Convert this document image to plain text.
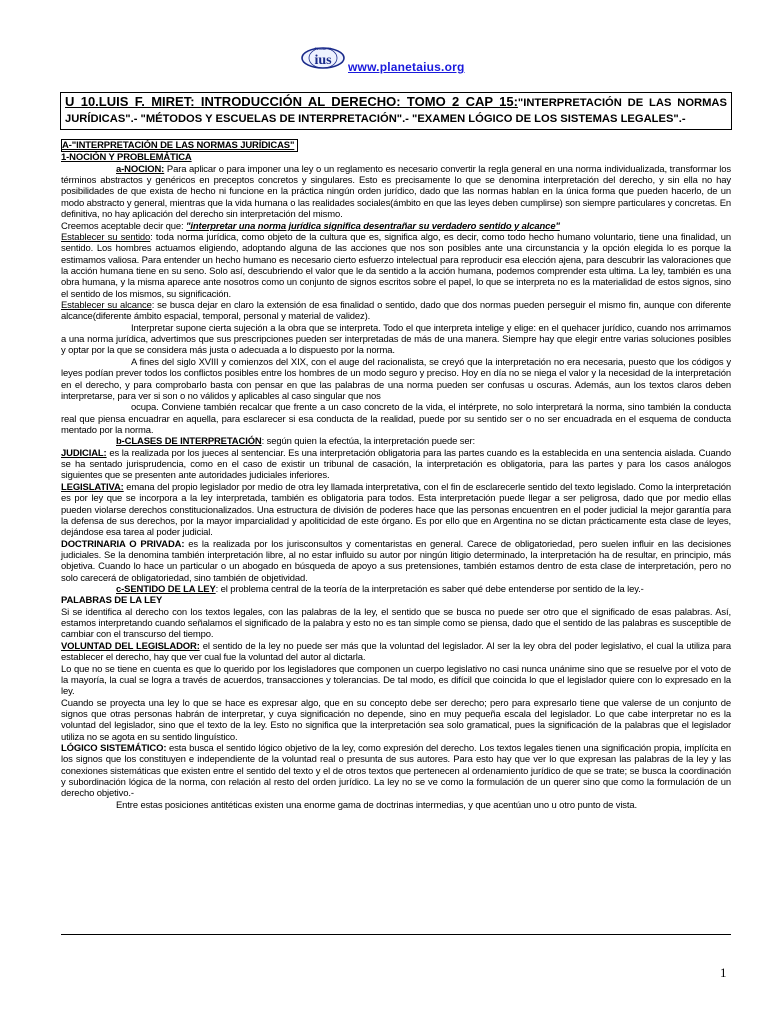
PLANETA
ius www.planetaius.org
U 10.LUIS F. MIRET: INTRODUCCIÓN AL DERECHO: TOMO 2 CAP 15:"INTERPRETACIÓN DE LAS NORMAS JURÍDICAS".- "MÉTODOS Y ESCUELAS DE INTERPRETACIÓN".- "EXAMEN LÓGICO DE LOS SISTEMAS LEGALES".-

A-"INTERPRETACIÓN DE LAS NORMAS JURÍDICAS"

1-NOCIÓN Y PROBLEMÁTICA

a-NOCION: Para aplicar o para imponer una ley o un reglamento es necesario convertir la regla general en una norma individualizada, transformar los términos abstractos y genéricos en preceptos concretos y singulares. Esto es precisamente lo que se denomina interpretación del derecho, y sin ella no hay posibilidades de que exista de hecho ni funcione en la práctica ningún orden jurídico, dado que las normas hablan en la única forma que pueden hacerlo, de un modo abstracto y general, mientras que la vida humana o las realidades sociales(ámbito en que las leyes deben cumplirse) son siempre particulares y concretas. En definitiva, no hay aplicación del derecho sin interpretación del mismo.

Creemos aceptable decir que: "interpretar una norma jurídica significa desentrañar su verdadero sentido y alcance"

Establecer su sentido: toda norma jurídica, como objeto de la cultura que es, significa algo, es decir, como todo hecho humano voluntario, tiene una finalidad, un sentido. Los hombres actuamos eligiendo, adoptando alguna de las acciones que nos son posibles ante una circunstancia y la opción elegida lo es porque la estimamos valiosa. Para entender un hecho humano es necesario cierto esfuerzo intelectual para reproducir esa elección ajena, para descubrir las valoraciones que la acción humana tiene en su seno. Solo así, descubriendo el valor que le da sentido a la acción humana, podemos comprender esta ultima. La ley, también es una obra humana, y la misma aparece ante nosotros como un conjunto de signos escritos sobre el papel, lo que se interpreta no es la materialidad de estos signos, sino el sentido de los mismos, su significación.

Establecer su alcance: se busca dejar en claro la extensión de esa finalidad o sentido, dado que dos normas pueden perseguir el mismo fin, aunque con diferente alcance(diferente ámbito espacial, temporal, personal y material de validez).

Interpretar supone cierta sujeción a la obra que se interpreta. Todo el que interpreta intelige y elige: en el quehacer jurídico, cuando nos arrimamos a una norma jurídica, advertimos que sus prescripciones pueden ser interpretadas de más de una manera. Siempre hay que elegir entre varias soluciones posibles y optar por la que se considera más justa o adecuada a lo dispuesto por la norma.

A fines del siglo XVIII y comienzos del XIX, con el auge del racionalista, se creyó que la interpretación no era necesaria, puesto que los códigos y leyes podían prever todos los conflictos posibles entre los hombres de un modo seguro y preciso. Hoy en día no se niega el valor y la necesidad de la interpretación en el derecho, y para comprobarlo basta con pensar en que las palabras de una norma pueden ser confusas u oscuras. Además, aun los textos claros deben interpretarse, para ver si son o no válidos y aplicables al caso singular que nos

ocupa. Conviene también recalcar que frente a un caso concreto de la vida, el intérprete, no solo interpretará la norma, sino también la conducta real que piensa encuadrar en aquella, para esclarecer si esa conducta de la realidad, puede por su sentido ser o no ser encuadrada en el esquema de conducta mentado por la norma.

b-CLASES DE INTERPRETACIÓN: según quien la efectúa, la interpretación puede ser:

JUDICIAL: es la realizada por los jueces al sentenciar. Es una interpretación obligatoria para las partes cuando es la establecida en una sentencia aislada. Cuando se ha sentado jurisprudencia, como en el caso de existir un tribunal de casación, la interpretación es obligatoria, para las partes y para los casos análogos siguientes que se presenten ante autoridades judiciales inferiores.

LEGISLATIVA: emana del propio legislador por medio de otra ley llamada interpretativa, con el fin de esclarecerle sentido del texto legislado. Como la interpretación es por ley que se incorpora a la ley interpretada, también es obligatoria para todos. Esta interpretación puede llegar a ser peligrosa, dado que por medio ellas pueden violarse derechos constitucionalizados. Una estructura de división de poderes hace que las personas encuentren en el poder judicial la mejor garantía para la defensa de sus derechos, por la mayor imparcialidad y apoliticidad de este órgano. Es por ello que en Argentina no se dictan prácticamente esta clase de leyes, dejándose esa tarea al poder judicial.

DOCTRINARIA O PRIVADA: es la realizada por los jurisconsultos y comentaristas en general. Carece de obligatoriedad, pero suelen influir en las decisiones judiciales. Se la denomina también interpretación libre, al no estar influido su autor por ningún litigio determinado, la interpretación ha de resultar, en principio, más objetiva. Cuando lo hace un particular o un abogado en búsqueda de apoyo a sus pretensiones, también estamos dentro de esta clase de interpretación, pero no solo carecerá de obligatoriedad, sino también de objetividad.

c-SENTIDO DE LA LEY: el problema central de la teoría de la interpretación es saber qué debe entenderse por sentido de la ley.-

PALABRAS DE LA LEY

Si se identifica al derecho con los textos legales, con las palabras de la ley, el sentido que se busca no puede ser otro que el significado de esas palabras. Así, estamos interpretando cuando señalamos el significado de la palabra y esto no es tan simple como se piensa, dado que el sentido de las palabras es susceptible de cambiar con el transcurso del tiempo.

VOLUNTAD DEL LEGISLADOR: el sentido de la ley no puede ser más que la voluntad del legislador. Al ser la ley obra del poder legislativo, el cual la utiliza para establecer el derecho, hay que ver cual fue la voluntad del autor al dictarla.

Lo que no se tiene en cuenta es que lo querido por los legisladores que componen un cuerpo legislativo no casi nunca unánime sino que se resuelve por el voto de la mayoría, la cual se logra a través de acuerdos, transacciones y tolerancias. De tal modo, es difícil que coincida lo que el legislador quiere con lo expresado en la ley.

Cuando se proyecta una ley lo que se hace es expresar algo, que en su concepto debe ser derecho; pero para expresarlo tiene que valerse de un conjunto de signos que otras personas habrán de interpretar, y cuya significación no depende, sino en muy pequeña escala del legislador. Lo que cabe interpretar no es la voluntad del legislador, sino que el texto de la ley. Esto no significa que la interpretación sea solo gramatical, pues la significación de la palabras que el legislador utiliza no se agota en su sentido linguístico.

LÓGICO SISTEMÁTICO: esta busca el sentido lógico objetivo de la ley, como expresión del derecho. Los textos legales tienen una significación propia, implícita en los signos que los constituyen e independiente de la voluntad real o presunta de sus autores. Para esto hay que ver lo que expresan las palabras de la ley y las conexiones sistemáticas que existen entre el sentido del texto y el de otros textos que pertenecen al ordenamiento jurídico de que se trate; se busca la coordinación y subordinación lógica de la norma, con relación al resto del orden jurídico. La ley no se ve como la formulación de un querer sino que como la formulación de un derecho objetivo.-

Entre estas posiciones antitéticas existen una enorme gama de doctrinas intermedias, y que acentúan uno u otro punto de vista.

1
